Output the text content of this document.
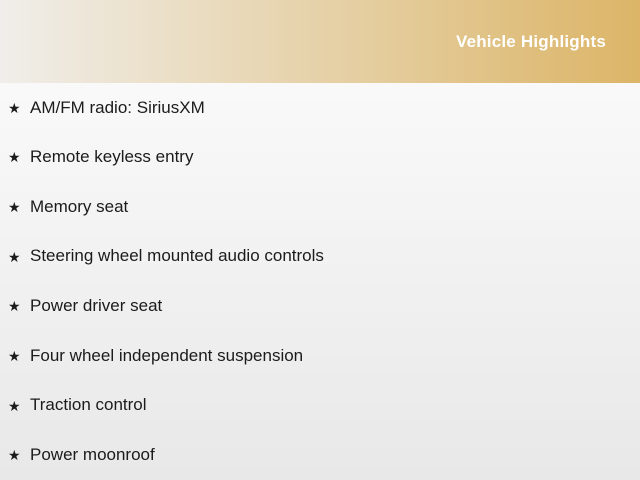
Vehicle Highlights
★ AM/FM radio: SiriusXM
★ Remote keyless entry
★ Memory seat
★ Steering wheel mounted audio controls
★ Power driver seat
★ Four wheel independent suspension
★ Traction control
★ Power moonroof
